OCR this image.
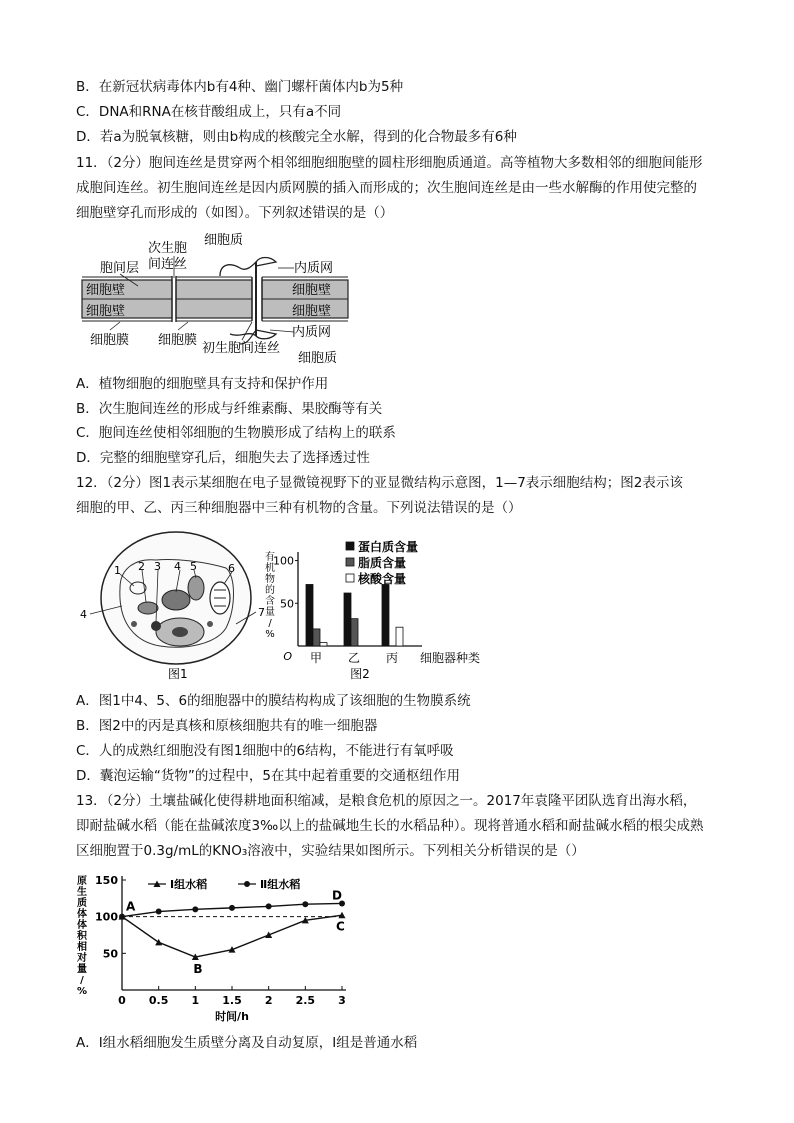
B．在新冠状病毒体内b有4种、幽门螺杆菌体内b为5种
C．DNA和RNA在核苷酸组成上，只有a不同
D．若a为脱氧核糖，则由b构成的核酸完全水解，得到的化合物最多有6种
11．（2分）胞间连丝是贯穿两个相邻细胞细胞壁的圆柱形细胞质通道。高等植物大多数相邻的细胞间能形
成胞间连丝。初生胞间连丝是因内质网膜的插入而形成的；次生胞间连丝是由一些水解酶的作用使完整的
细胞壁穿孔而形成的（如图）。下列叙述错误的是（）
细胞质
次生胞
间连丝
胞间层	内质网
细胞壁
细胞壁
细胞壁
细胞壁
细胞膜 细胞膜
内质网
初生胞间连丝
细胞质
A．植物细胞的细胞壁具有支持和保护作用
B．次生胞间连丝的形成与纤维素酶、果胶酶等有关
C．胞间连丝使相邻细胞的生物膜形成了结构上的联系
D．完整的细胞壁穿孔后，细胞失去了选择透过性
12．（2分）图1表示某细胞在电子显微镜视野下的亚显微结构示意图，1—7表示细胞结构；图2表示该
细胞的甲、乙、丙三种细胞器中三种有机物的含量。下列说法错误的是（）
1 2 3 4 5	6
4	7
图1
50
100
O
有
机
物
的
含
量
/
%
甲 乙 丙 细胞器种类
蛋白质含量
脂质含量
核酸含量
图2
A．图1中4、5、6的细胞器中的膜结构构成了该细胞的生物膜系统
B．图2中的丙是真核和原核细胞共有的唯一细胞器
C．人的成熟红细胞没有图1细胞中的6结构，不能进行有氧呼吸
D．囊泡运输“货物”的过程中，5在其中起着重要的交通枢纽作用
13．（2分）土壤盐碱化使得耕地面积缩减，是粮食危机的原因之一。2017年袁隆平团队选育出海水稻，
即耐盐碱水稻（能在盐碱浓度3‰以上的盐碱地生长的水稻品种）。现将普通水稻和耐盐碱水稻的根尖成熟
区细胞置于0.3g/mL的KNO₃溶液中，实验结果如图所示。下列相关分析错误的是（）
50
100
150
0 0.5 1 1.5 2 2.5 3
时间/h
原
生
质
体
体
积
相
对
量
/
%
Ⅰ组水稻	Ⅱ组水稻
A
B
C
D
A．Ⅰ组水稻细胞发生质壁分离及自动复原，Ⅰ组是普通水稻
